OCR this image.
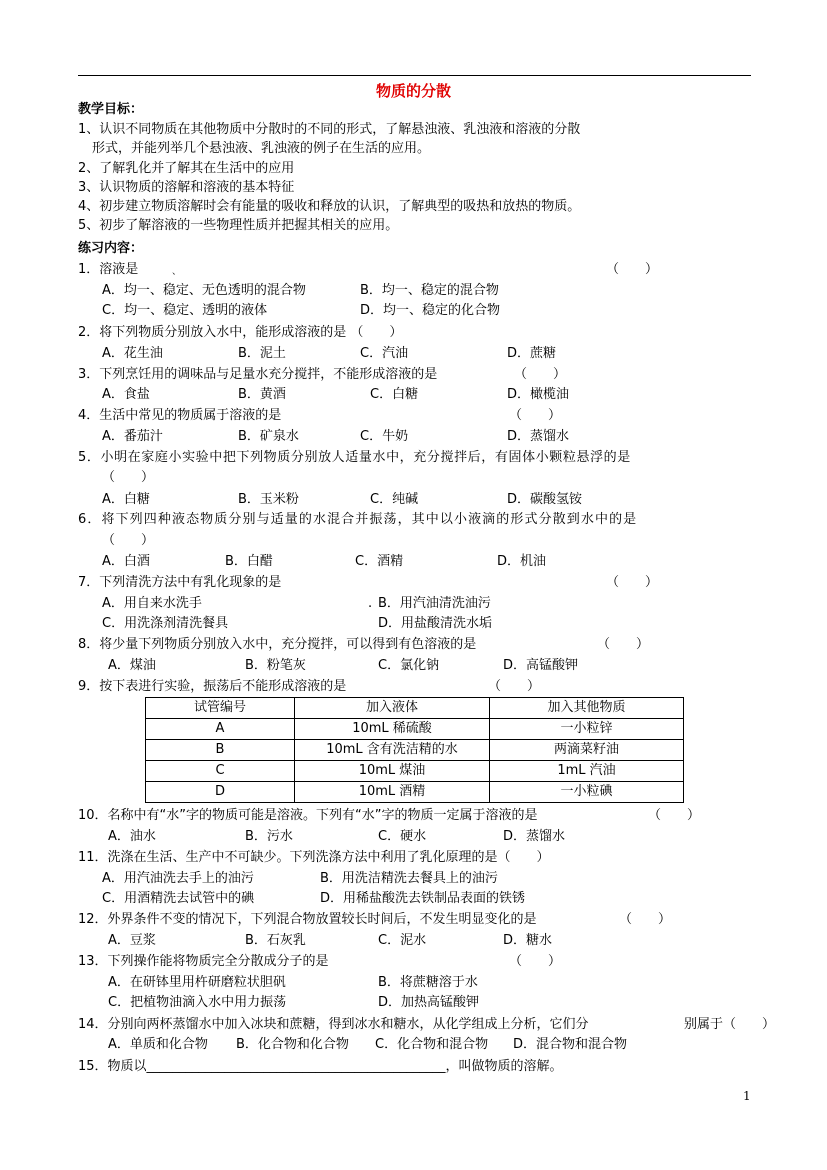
物质的分散
教学目标：
1、认识不同物质在其他物质中分散时的不同的形式，了解悬浊液、乳浊液和溶液的分散
形式，并能列举几个悬浊液、乳浊液的例子在生活的应用。
2、了解乳化并了解其在生活中的应用
3、认识物质的溶解和溶液的基本特征
4、初步建立物质溶解时会有能量的吸收和释放的认识，了解典型的吸热和放热的物质。
5、初步了解溶液的一些物理性质并把握其相关的应用。
练习内容：
1．溶液是	、	（　　）
A．均一、稳定、无色透明的混合物	B．均一、稳定的混合物
C．均一、稳定、透明的液体	D．均一、稳定的化合物
2．将下列物质分别放入水中，能形成溶液的是 （　　）
A．花生油	B．泥土	C．汽油	D．蔗糖
3．下列烹饪用的调味品与足量水充分搅拌，不能形成溶液的是	（　　）
A．食盐	B．黄酒	C．白糖	D．橄榄油
4．生活中常见的物质属于溶液的是	（　　）
A．番茄汁	B．矿泉水	C．牛奶	D．蒸馏水
5．小明在家庭小实验中把下列物质分别放人适量水中，充分搅拌后，有固体小颗粒悬浮的是
（　　）
A．白糖	B．玉米粉	C．纯碱	D．碳酸氢铵
6．将下列四种液态物质分别与适量的水混合并振荡，其中以小液滴的形式分散到水中的是
（　　）
A．白酒	B．白醋	C．酒精	D．机油
7．下列清洗方法中有乳化现象的是	（　　）
A．用自来水洗手	. B．用汽油清洗油污
C．用洗涤剂清洗餐具	D．用盐酸清洗水垢
8．将少量下列物质分别放入水中，充分搅拌，可以得到有色溶液的是	（　　）
A．煤油	B．粉笔灰	C．氯化钠	D．高锰酸钾
9．按下表进行实验，振荡后不能形成溶液的是	（　　）
试管编号	加入液体	加入其他物质
A	10mL 稀硫酸	一小粒锌
B	10mL 含有洗洁精的水	两滴菜籽油
C	10mL 煤油	1mL 汽油
D	10mL 酒精	一小粒碘
10．名称中有“水”字的物质可能是溶液。下列有“水”字的物质一定属于溶液的是	（　　）
A．油水	B．污水	C．硬水	D．蒸馏水
11．洗涤在生活、生产中不可缺少。下列洗涤方法中利用了乳化原理的是（　　）
A．用汽油洗去手上的油污	B．用洗洁精洗去餐具上的油污
C．用酒精洗去试管中的碘	D．用稀盐酸洗去铁制品表面的铁锈
12．外界条件不变的情况下，下列混合物放置较长时间后，不发生明显变化的是	（　　）
A．豆浆	B．石灰乳	C．泥水	D．糖水
13．下列操作能将物质完全分散成分子的是	（　　）
A．在研钵里用杵研磨粒状胆矾	B．将蔗糖溶于水
C．把植物油滴入水中用力振荡	D．加热高锰酸钾
14．分别向两杯蒸馏水中加入冰块和蔗糖，得到冰水和糖水，从化学组成上分析，它们分	别属于（　　）
A．单质和化合物 B．化合物和化合物 C．化合物和混合物 D．混合物和混合物
15．物质以______________________________________________，叫做物质的溶解。
1
